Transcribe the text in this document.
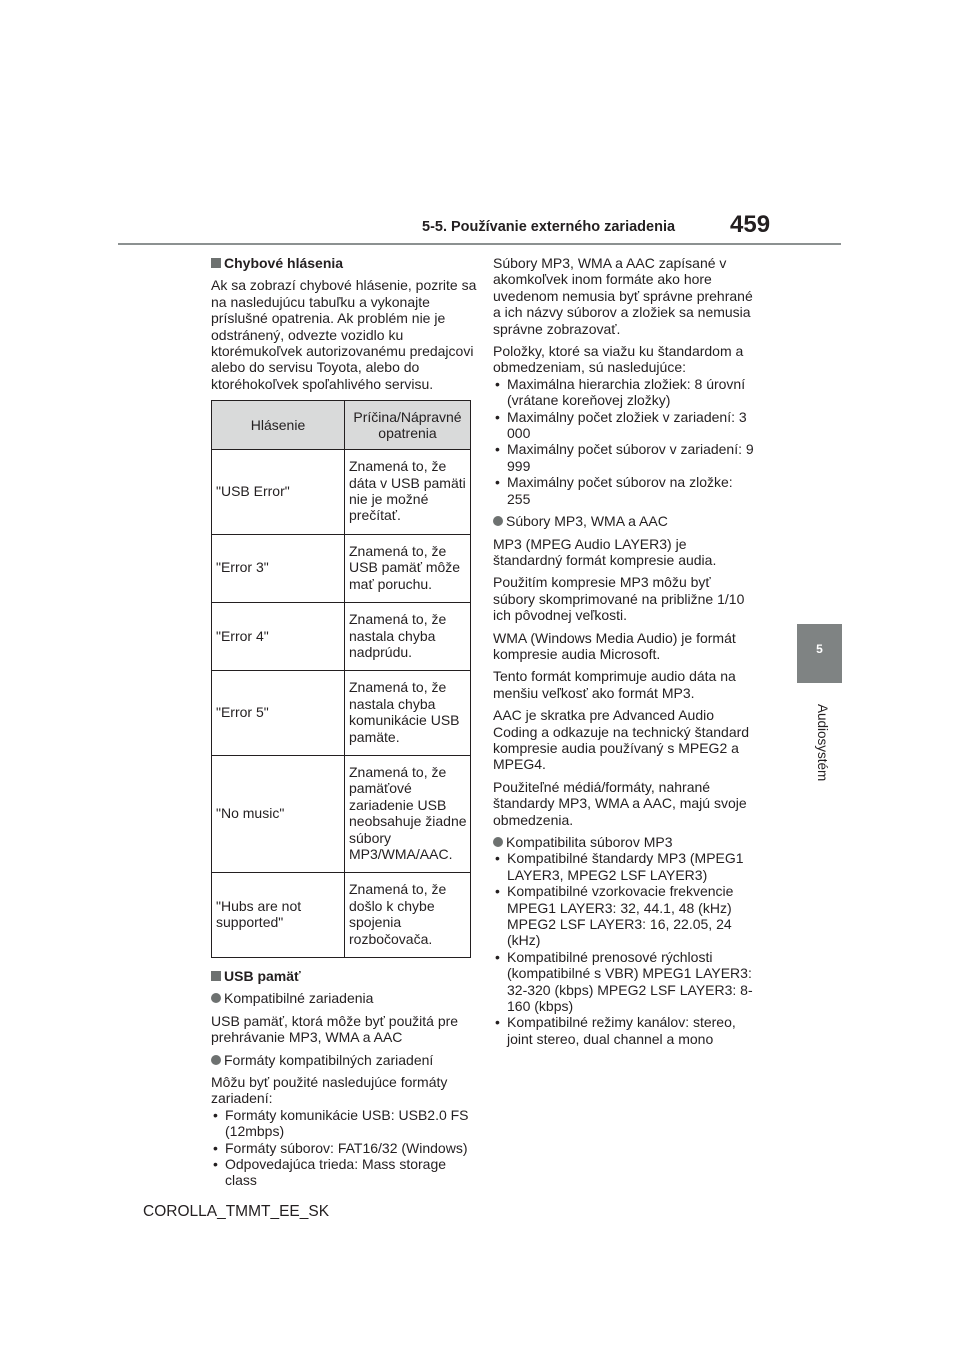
5-5. Používanie externého zariadenia 459
5
Audiosystém

Chybové hlásenia

Ak sa zobrazí chybové hlásenie, pozrite sa na nasledujúcu tabuľku a vykonajte príslušné opatrenia. Ak problém nie je odstránený, odvezte vozidlo ku ktorémukoľvek autorizovanému predajcovi alebo do servisu Toyota, alebo do ktoréhokoľvek spoľahlivého servisu.

Hlásenie	Príčina/Nápravné opatrenia
"USB Error"	Znamená to, že dáta v USB pamäti nie je možné prečítať.
"Error 3"	Znamená to, že USB pamäť môže mať poruchu.
"Error 4"	Znamená to, že nastala chyba nadprúdu.
"Error 5"	Znamená to, že nastala chyba komunikácie USB pamäte.
"No music"	Znamená to, že pamäťové zariadenie USB neobsahuje žiadne súbory MP3/WMA/AAC.
"Hubs are not supported"	Znamená to, že došlo k chybe spojenia rozbočovača.

USB pamäť

Kompatibilné zariadenia

USB pamäť, ktorá môže byť použitá pre prehrávanie MP3, WMA a AAC

Formáty kompatibilných zariadení

Môžu byť použité nasledujúce formáty zariadení:

• Formáty komunikácie USB: USB2.0 FS (12mbps)
• Formáty súborov: FAT16/32 (Windows)
• Odpovedajúca trieda: Mass storage class

Súbory MP3, WMA a AAC zapísané v akomkoľvek inom formáte ako hore uvedenom nemusia byť správne prehrané a ich názvy súborov a zložiek sa nemusia správne zobrazovať.

Položky, ktoré sa viažu ku štandardom a obmedzeniam, sú nasledujúce:

• Maximálna hierarchia zložiek: 8 úrovní (vrátane koreňovej zložky)
• Maximálny počet zložiek v zariadení: 3 000
• Maximálny počet súborov v zariadení: 9 999
• Maximálny počet súborov na zložke: 255

Súbory MP3, WMA a AAC

MP3 (MPEG Audio LAYER3) je štandardný formát kompresie audia.

Použitím kompresie MP3 môžu byť súbory skomprimované na približne 1/10 ich pôvodnej veľkosti.

WMA (Windows Media Audio) je formát kompresie audia Microsoft.

Tento formát komprimuje audio dáta na menšiu veľkosť ako formát MP3.

AAC je skratka pre Advanced Audio Coding a odkazuje na technický štandard kompresie audia používaný s MPEG2 a MPEG4.

Použiteľné médiá/formáty, nahrané štandardy MP3, WMA a AAC, majú svoje obmedzenia.

Kompatibilita súborov MP3

• Kompatibilné štandardy MP3 (MPEG1 LAYER3, MPEG2 LSF LAYER3)
• Kompatibilné vzorkovacie frekvencie MPEG1 LAYER3: 32, 44.1, 48 (kHz) MPEG2 LSF LAYER3: 16, 22.05, 24 (kHz)
• Kompatibilné prenosové rýchlosti (kompatibilné s VBR) MPEG1 LAYER3: 32-320 (kbps) MPEG2 LSF LAYER3: 8-160 (kbps)
• Kompatibilné režimy kanálov: stereo, joint stereo, dual channel a mono
COROLLA_TMMT_EE_SK
